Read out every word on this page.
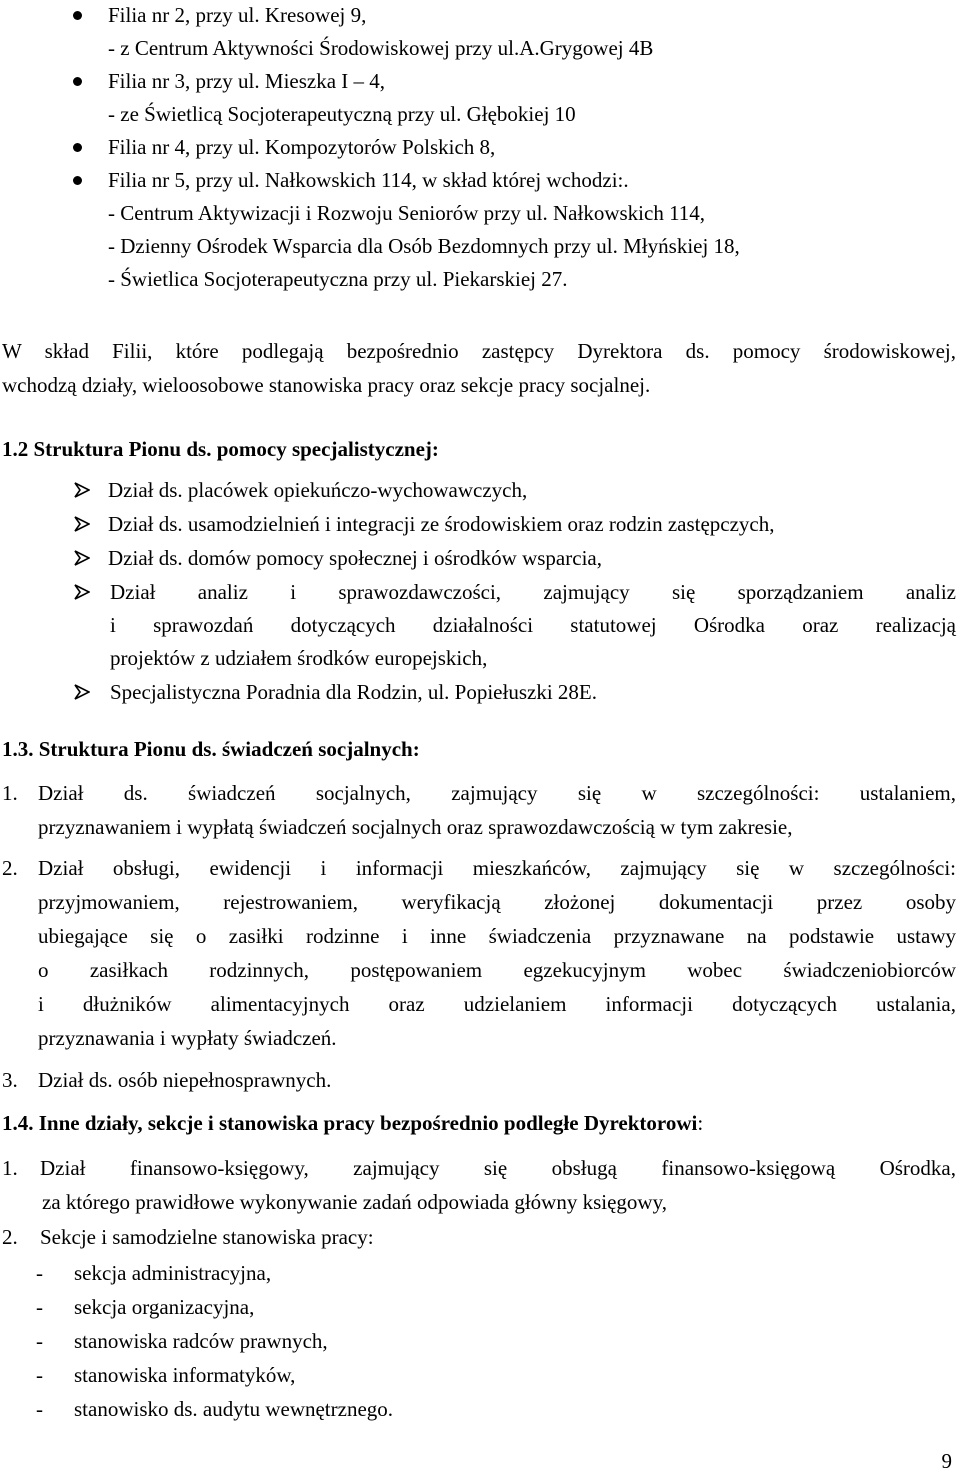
Filia nr 2, przy ul. Kresowej 9,
- z Centrum Aktywności Środowiskowej przy ul.A.Grygowej 4B
Filia nr 3, przy ul. Mieszka I – 4,
- ze Świetlicą Socjoterapeutyczną przy ul. Głębokiej 10
Filia nr 4, przy ul. Kompozytorów Polskich 8,
Filia nr 5, przy ul. Nałkowskich 114, w skład której wchodzi:.
- Centrum Aktywizacji i Rozwoju Seniorów przy ul. Nałkowskich 114,
- Dzienny Ośrodek Wsparcia dla Osób Bezdomnych przy ul. Młyńskiej 18,
- Świetlica Socjoterapeutyczna przy ul. Piekarskiej 27.
W skład Filii, które podlegają bezpośrednio zastępcy Dyrektora ds. pomocy środowiskowej,
wchodzą działy, wieloosobowe stanowiska pracy oraz sekcje pracy socjalnej.
1.2 Struktura Pionu ds. pomocy specjalistycznej:
Dział ds. placówek opiekuńczo-wychowawczych,
Dział ds. usamodzielnień i integracji ze środowiskiem oraz rodzin zastępczych,
Dział ds. domów pomocy społecznej i ośrodków wsparcia,
Dział analiz i sprawozdawczości, zajmujący się sporządzaniem analiz
i sprawozdań dotyczących działalności statutowej Ośrodka oraz realizacją
projektów z udziałem środków europejskich,
Specjalistyczna Poradnia dla Rodzin, ul. Popiełuszki 28E.
1.3. Struktura Pionu ds. świadczeń socjalnych:
1. Dział ds. świadczeń socjalnych, zajmujący się w szczególności: ustalaniem,
przyznawaniem i wypłatą świadczeń socjalnych oraz sprawozdawczością w tym zakresie,
2. Dział obsługi, ewidencji i informacji mieszkańców, zajmujący się w szczególności:
przyjmowaniem, rejestrowaniem, weryfikacją złożonej dokumentacji przez osoby
ubiegające się o zasiłki rodzinne i inne świadczenia przyznawane na podstawie ustawy
o zasiłkach rodzinnych, postępowaniem egzekucyjnym wobec świadczeniobiorców
i dłużników alimentacyjnych oraz udzielaniem informacji dotyczących ustalania,
przyznawania i wypłaty świadczeń.
3. Dział ds. osób niepełnosprawnych.
1.4. Inne działy, sekcje i stanowiska pracy bezpośrednio podległe Dyrektorowi:
1. Dział finansowo-księgowy, zajmujący się obsługą finansowo-księgową Ośrodka,
za którego prawidłowe wykonywanie zadań odpowiada główny księgowy,
2. Sekcje i samodzielne stanowiska pracy:
- sekcja administracyjna,
- sekcja organizacyjna,
- stanowiska radców prawnych,
- stanowiska informatyków,
- stanowisko ds. audytu wewnętrznego.
9
